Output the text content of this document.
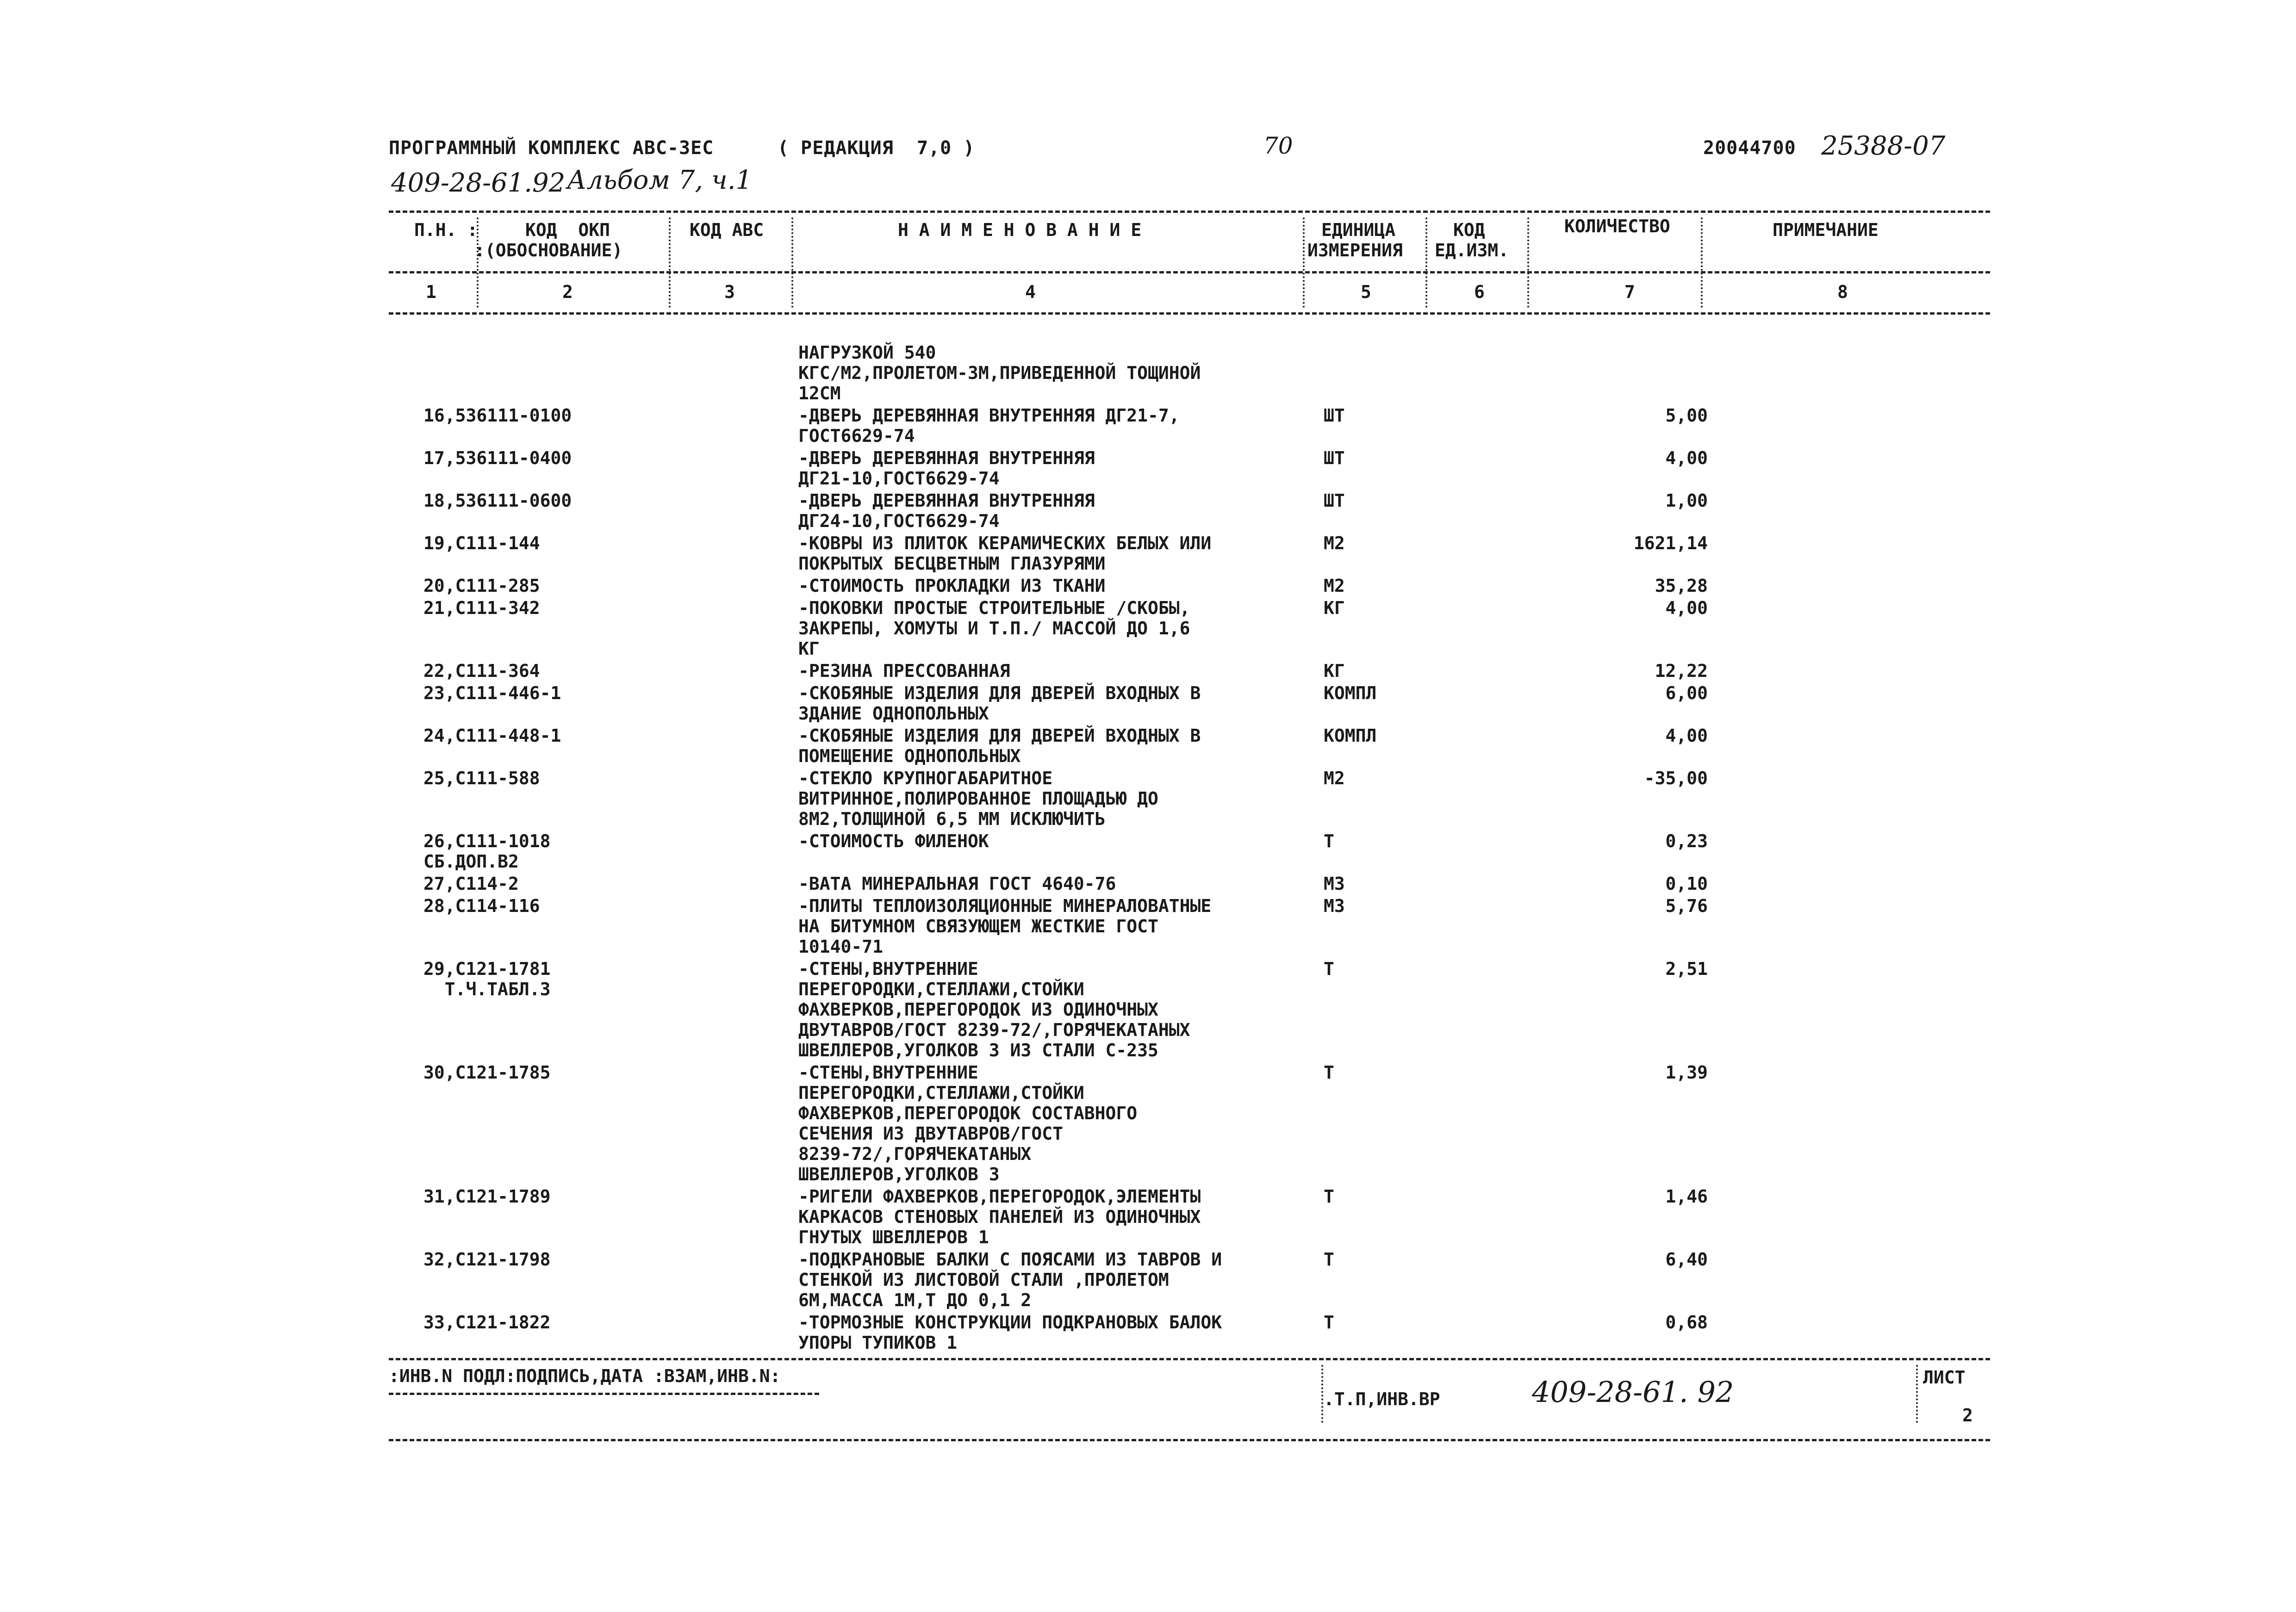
ПРОГРАММНЫЙ КОМПЛЕКС АВС-3ЕС	( РЕДАКЦИЯ  7,0 )	70	20044700 25388-07
409-28-61.92 Альбом 7, ч.1
П.Н. :	КОД  ОКП
:(ОБОСНОВАНИЕ)
КОД АВС	Н А И М Е Н О В А Н И Е	ЕДИНИЦА
ИЗМЕРЕНИЯ
КОД
ЕД.ИЗМ.
КОЛИЧЕСТВО	ПРИМЕЧАНИЕ
1	2	3	4	5	6	7	8
НАГРУЗКОЙ 540
КГС/М2,ПРОЛЕТОМ-3М,ПРИВЕДЕННОЙ ТОЩИНОЙ
12СМ
16,536111-0100	-ДВЕРЬ ДЕРЕВЯННАЯ ВНУТРЕННЯЯ ДГ21-7,
ГОСТ6629-74
ШТ	5,00
17,536111-0400	-ДВЕРЬ ДЕРЕВЯННАЯ ВНУТРЕННЯЯ
ДГ21-10,ГОСТ6629-74
ШТ	4,00
18,536111-0600	-ДВЕРЬ ДЕРЕВЯННАЯ ВНУТРЕННЯЯ
ДГ24-10,ГОСТ6629-74
ШТ	1,00
19,С111-144	-КОВРЫ ИЗ ПЛИТОК КЕРАМИЧЕСКИХ БЕЛЫХ ИЛИ
ПОКРЫТЫХ БЕСЦВЕТНЫМ ГЛАЗУРЯМИ
М2	1621,14
20,С111-285	-СТОИМОСТЬ ПРОКЛАДКИ ИЗ ТКАНИ	М2	35,28
21,С111-342	-ПОКОВКИ ПРОСТЫЕ СТРОИТЕЛЬНЫЕ /СКОБЫ,
ЗАКРЕПЫ, ХОМУТЫ И Т.П./ МАССОЙ ДО 1,6
КГ
КГ	4,00
22,С111-364	-РЕЗИНА ПРЕССОВАННАЯ	КГ	12,22
23,С111-446-1	-СКОБЯНЫЕ ИЗДЕЛИЯ ДЛЯ ДВЕРЕЙ ВХОДНЫХ В
ЗДАНИЕ ОДНОПОЛЬНЫХ
КОМПЛ	6,00
24,С111-448-1	-СКОБЯНЫЕ ИЗДЕЛИЯ ДЛЯ ДВЕРЕЙ ВХОДНЫХ В
ПОМЕЩЕНИЕ ОДНОПОЛЬНЫХ
КОМПЛ	4,00
25,С111-588	-СТЕКЛО КРУПНОГАБАРИТНОЕ
ВИТРИННОЕ,ПОЛИРОВАННОЕ ПЛОЩАДЬЮ ДО
8М2,ТОЛЩИНОЙ 6,5 ММ ИСКЛЮЧИТЬ
М2	-35,00
26,С111-1018
СБ.ДОП.В2
-СТОИМОСТЬ ФИЛЕНОК	Т	0,23
27,С114-2	-ВАТА МИНЕРАЛЬНАЯ ГОСТ 4640-76	М3	0,10
28,С114-116	-ПЛИТЫ ТЕПЛОИЗОЛЯЦИОННЫЕ МИНЕРАЛОВАТНЫЕ
НА БИТУМНОМ СВЯЗУЮЩЕМ ЖЕСТКИЕ ГОСТ
10140-71
М3	5,76
29,С121-1781
Т.Ч.ТАБЛ.3
-СТЕНЫ,ВНУТРЕННИЕ
ПЕРЕГОРОДКИ,СТЕЛЛАЖИ,СТОЙКИ
ФАХВЕРКОВ,ПЕРЕГОРОДОК ИЗ ОДИНОЧНЫХ
ДВУТАВРОВ/ГОСТ 8239-72/,ГОРЯЧЕКАТАНЫХ
ШВЕЛЛЕРОВ,УГОЛКОВ 3 ИЗ СТАЛИ С-235
Т	2,51
30,С121-1785	-СТЕНЫ,ВНУТРЕННИЕ
ПЕРЕГОРОДКИ,СТЕЛЛАЖИ,СТОЙКИ
ФАХВЕРКОВ,ПЕРЕГОРОДОК СОСТАВНОГО
СЕЧЕНИЯ ИЗ ДВУТАВРОВ/ГОСТ
8239-72/,ГОРЯЧЕКАТАНЫХ
ШВЕЛЛЕРОВ,УГОЛКОВ 3
Т	1,39
31,С121-1789	-РИГЕЛИ ФАХВЕРКОВ,ПЕРЕГОРОДОК,ЭЛЕМЕНТЫ
КАРКАСОВ СТЕНОВЫХ ПАНЕЛЕЙ ИЗ ОДИНОЧНЫХ
ГНУТЫХ ШВЕЛЛЕРОВ 1
Т	1,46
32,С121-1798	-ПОДКРАНОВЫЕ БАЛКИ С ПОЯСАМИ ИЗ ТАВРОВ И
СТЕНКОЙ ИЗ ЛИСТОВОЙ СТАЛИ ,ПРОЛЕТОМ
6М,МАССА 1М,Т ДО 0,1 2
Т	6,40
33,С121-1822	-ТОРМОЗНЫЕ КОНСТРУКЦИИ ПОДКРАНОВЫХ БАЛОК
УПОРЫ ТУПИКОВ 1
Т	0,68
:ИНВ.N ПОДЛ:ПОДПИСЬ,ДАТА :ВЗАМ,ИНВ.N:
.Т.П,ИНВ.ВР	409-28-61. 92	ЛИСТ
2
